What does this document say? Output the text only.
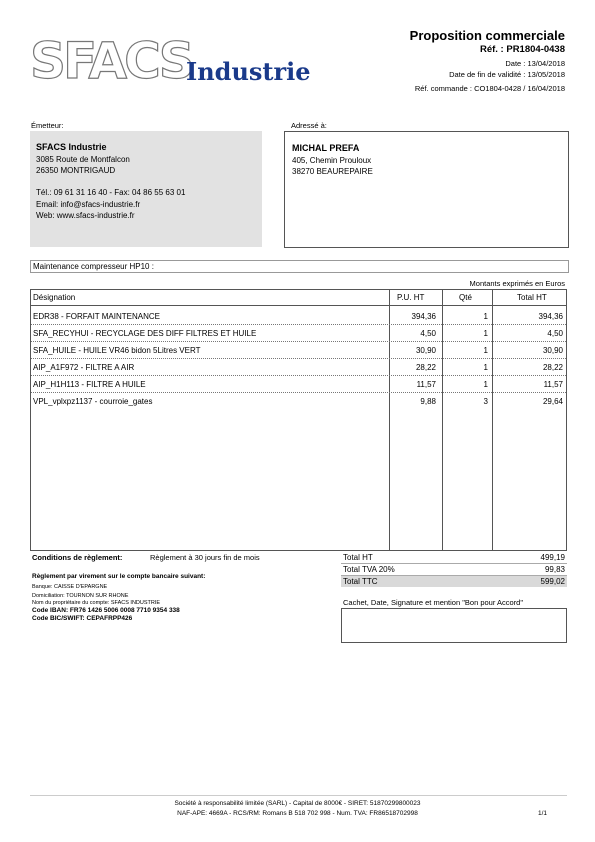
SFACS
Industrie
Proposition commerciale
Réf. : PR1804-0438
Date : 13/04/2018
Date de fin de validité : 13/05/2018
Réf. commande : CO1804-0428 / 16/04/2018
Émetteur:
SFACS Industrie
3085 Route de Montfalcon
26350 MONTRIGAUD
Tél.: 09 61 31 16 40 - Fax: 04 86 55 63 01
Email: info@sfacs-industrie.fr
Web: www.sfacs-industrie.fr
Adressé à:
MICHAL PREFA
405, Chemin Prouloux
38270 BEAUREPAIRE
Maintenance compresseur HP10 :
Montants exprimés en Euros
Désignation	P.U. HT	Qté	Total HT
EDR38 - FORFAIT MAINTENANCE	394,36	1	394,36
SFA_RECYHUI - RECYCLAGE DES DIFF FILTRES ET HUILE	4,50	1	4,50
SFA_HUILE - HUILE VR46 bidon 5Litres VERT	30,90	1	30,90
AIP_A1F972 - FILTRE A AIR	28,22	1	28,22
AIP_H1H113 - FILTRE A HUILE	11,57	1	11,57
VPL_vplxpz1137 - courroie_gates	9,88	3	29,64
Conditions de règlement:	Règlement à 30 jours fin de mois
Règlement par virement sur le compte bancaire suivant:
Banque: CAISSE D'EPARGNE
Domiciliation: TOURNON SUR RHONE
Nom du propriétaire du compte: SFACS INDUSTRIE
Code IBAN: FR76 1426 5006 0008 7710 9354 338
Code BIC/SWIFT: CEPAFRPP426
Total HT	499,19
Total TVA 20%	99,83
Total TTC	599,02
Cachet, Date, Signature et mention "Bon pour Accord"
Société à responsabilité limitée (SARL) - Capital de 8000€ - SIRET: 51870299800023
NAF-APE: 4669A - RCS/RM: Romans B 518 702 998 - Num. TVA: FR86518702998	1/1
